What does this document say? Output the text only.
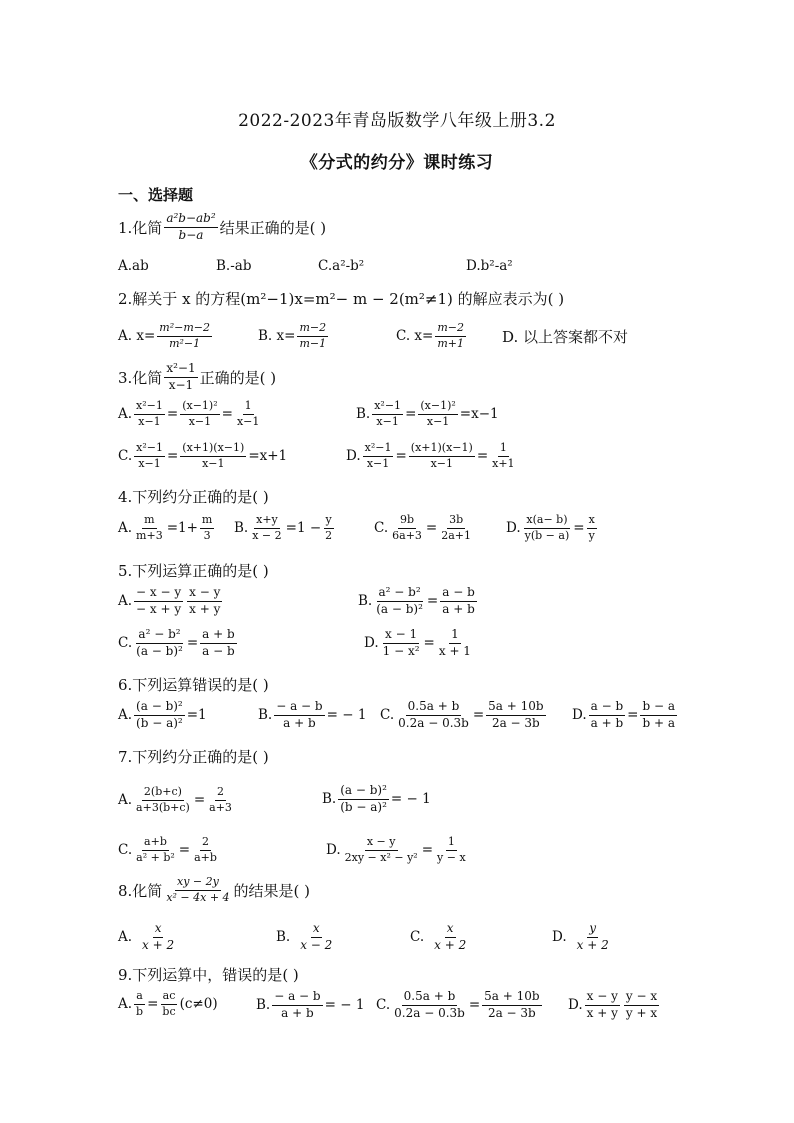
2022-2023年青岛版数学八年级上册3.2
《分式的约分》课时练习
一、选择题
1.化简 $\frac{\text{a²b−ab²}}{b-a}$ 结果正确的是( )
A.ab	B.-ab	C.a²-b²	D.b²-a²
2.解关于 x 的方程(m²−1)x=m²− m − 2(m²≠1) 的解应表示为( )
A. $x= \frac{\text{m²−m−2}}{\text{m²−1}}$	B. $x= \frac{m-2}{m-1}$	C. $x= \frac{m-2}{m+1} D$. 以上答案都不对
3.化简 $\frac{\text{x²−1}}{x-1}$ 正确的是( )
A. $\frac{\text{x²−1}}{x-1} = \frac{\text{(x−1)²}}{x-1} = \frac{1}{x-1}$	B. $\frac{\text{x²−1}}{x-1} = \frac{\text{(x−1)²}}{x-1} =x-1$
C. $\frac{\text{x²−1}}{x-1} = \frac{(x+1)(x-1)}{x-1} =x+1$	D. $\frac{\text{x²−1}}{x-1} = \frac{(x+1)(x-1)}{x-1} = \frac{1}{x+1}$
4.下列约分正确的是( )
A. $\frac{m}{m+3} =1+ \frac{m}{3} B$. $\frac{x+y}{x - 2} =1 - \frac{y}{2}$	C. $\frac{9b}{6a+3} = \frac{3b}{2a+1} D$. $\frac{x(a- b)}{y(b - a)} = \frac{x}{y}$
5.下列运算正确的是( )
A. $\frac{- x - y}{- x + y} \frac{x - y}{x + y}$	B. $\frac{\text{a² − b²}}{\text{(a − b)²}} = \frac{a - b}{a + b}$
C. $\frac{\text{a² − b²}}{\text{(a − b)²}} = \frac{a + b}{a - b}$	D. $\frac{x - 1}{\text{1 − x²}} = \frac{1}{x + 1}$
6.下列运算错误的是( )
A. $\frac{\text{(a − b)²}}{\text{(b − a)²}} =1$	B. $\frac{- a - b}{a + b}$ = − 1 C. $\frac{0.5a + b}{0.2a - 0.3b} = \frac{5a + 10b}{2a - 3b} D$. $\frac{a - b}{a + b} = \frac{b - a}{b + a}$
7.下列约分正确的是( )
A. $\frac{2(b+c)}{a+3(b+c)} = \frac{2}{a+3}$	B. $\frac{\text{(a − b)²}}{\text{(b − a)²}}$ = − 1
C. $\frac{a+b}{\text{a² + b²}} = \frac{2}{a+b}$	D. $\frac{x - y}{\text{2xy − x² − y²}} = \frac{1}{y - x}$
8.化简 $\frac{xy - 2y}{\text{x² − 4x + 4}}$ 的结果是( )
A. $\frac{x}{x + 2}$	B. $\frac{x}{x - 2}$	C. $\frac{x}{x + 2}$	D. $\frac{y}{x + 2}$
9.下列运算中，错误的是( )
A. $\frac{a}{b} = \frac{ac}{bc} (c\ne 0)$	B. $\frac{- a - b}{a + b}$ = − 1 C. $\frac{0.5a + b}{0.2a - 0.3b} = \frac{5a + 10b}{2a - 3b} D$. $\frac{x - y}{x + y} \frac{y - x}{y + x}$
